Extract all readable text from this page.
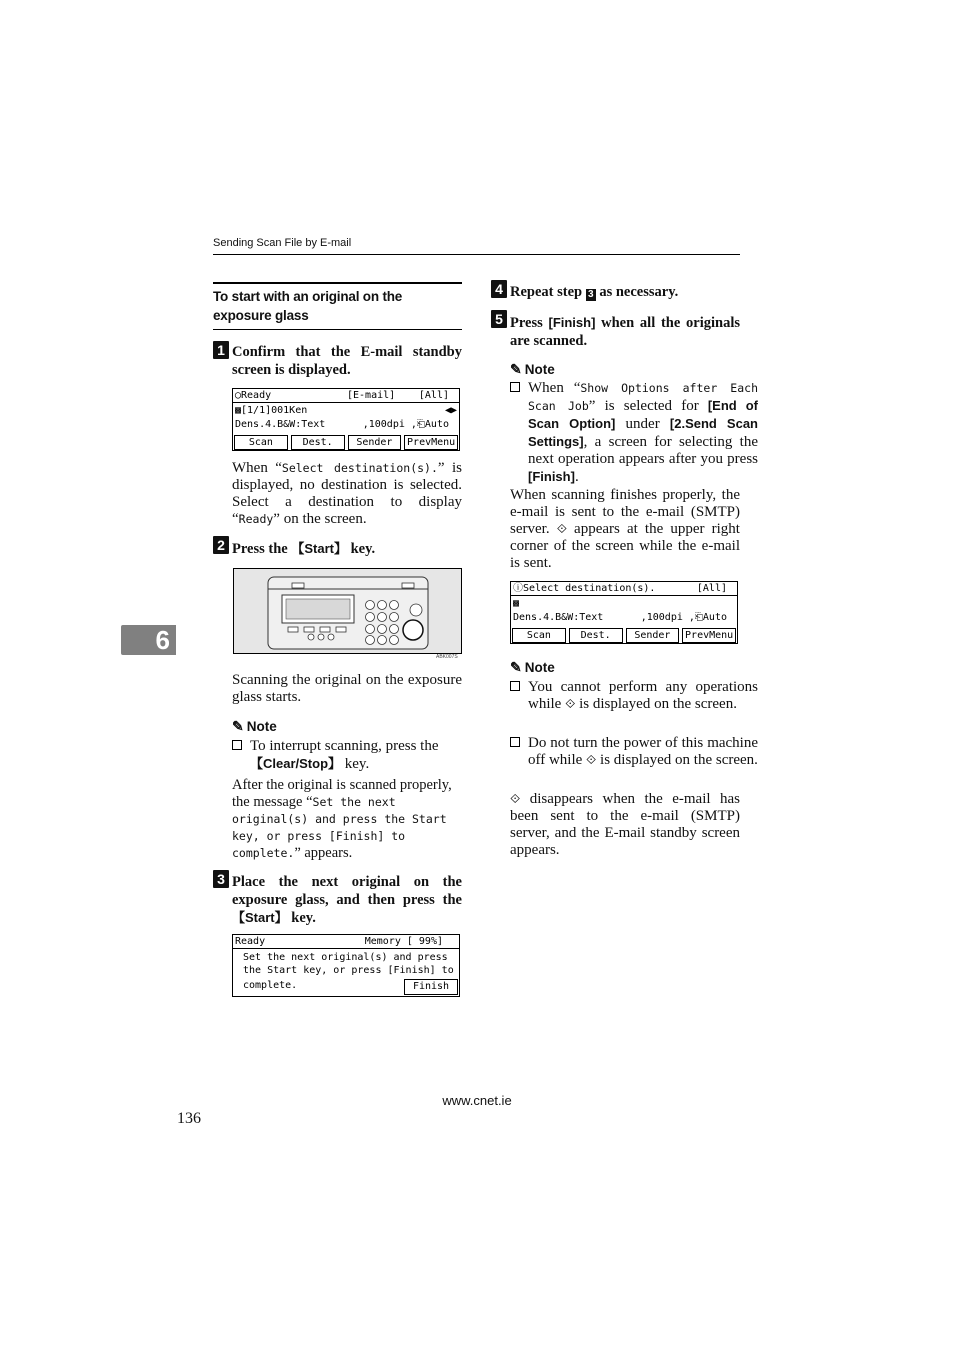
Sending Scan File by E-mail
6
To start with an original on the exposure glass
1 Confirm that the E-mail standby screen is displayed.
◯Ready	[E-mail] [All]
▩[1/1]001Ken	◀▶
Dens.4.B&W:Text	,100dpi ,⎗Auto
Scan	Dest.	Sender	PrevMenu
When “Select destination(s).” is displayed, no destination is selected. Select a destination to display “Ready” on the screen.
2 Press the 【Start】 key.
ABK007S
Scanning the original on the exposure glass starts.
✎ Note
To interrupt scanning, press the 【Clear/Stop】 key.
After the original is scanned properly, the message “Set the next original(s) and press the Start key, or press [Finish] to complete.” appears.
3 Place the next original on the exposure glass, and then press the 【Start】 key.
Ready	Memory [ 99%]
Set the next original(s) and press
the Start key, or press [Finish] to
complete.	Finish
4 Repeat step 3 as necessary.
5 Press [Finish] when all the originals are scanned.
✎ Note
When “Show Options after Each Scan Job” is selected for [End of Scan Option] under [2.Send Scan Settings], a screen for selecting the next operation appears after you press [Finish].
When scanning finishes properly, the e-mail is sent to the e-mail (SMTP) server. ⟐ appears at the upper right corner of the screen while the e-mail is sent.
ⓘSelect destination(s).	[All]
▩
Dens.4.B&W:Text	,100dpi ,⎗Auto
Scan	Dest.	Sender	PrevMenu
✎ Note
You cannot perform any operations while ⟐ is displayed on the screen.
Do not turn the power of this machine off while ⟐ is displayed on the screen.
⟐ disappears when the e-mail has been sent to the e-mail (SMTP) server, and the E-mail standby screen appears.
www.cnet.ie
136
